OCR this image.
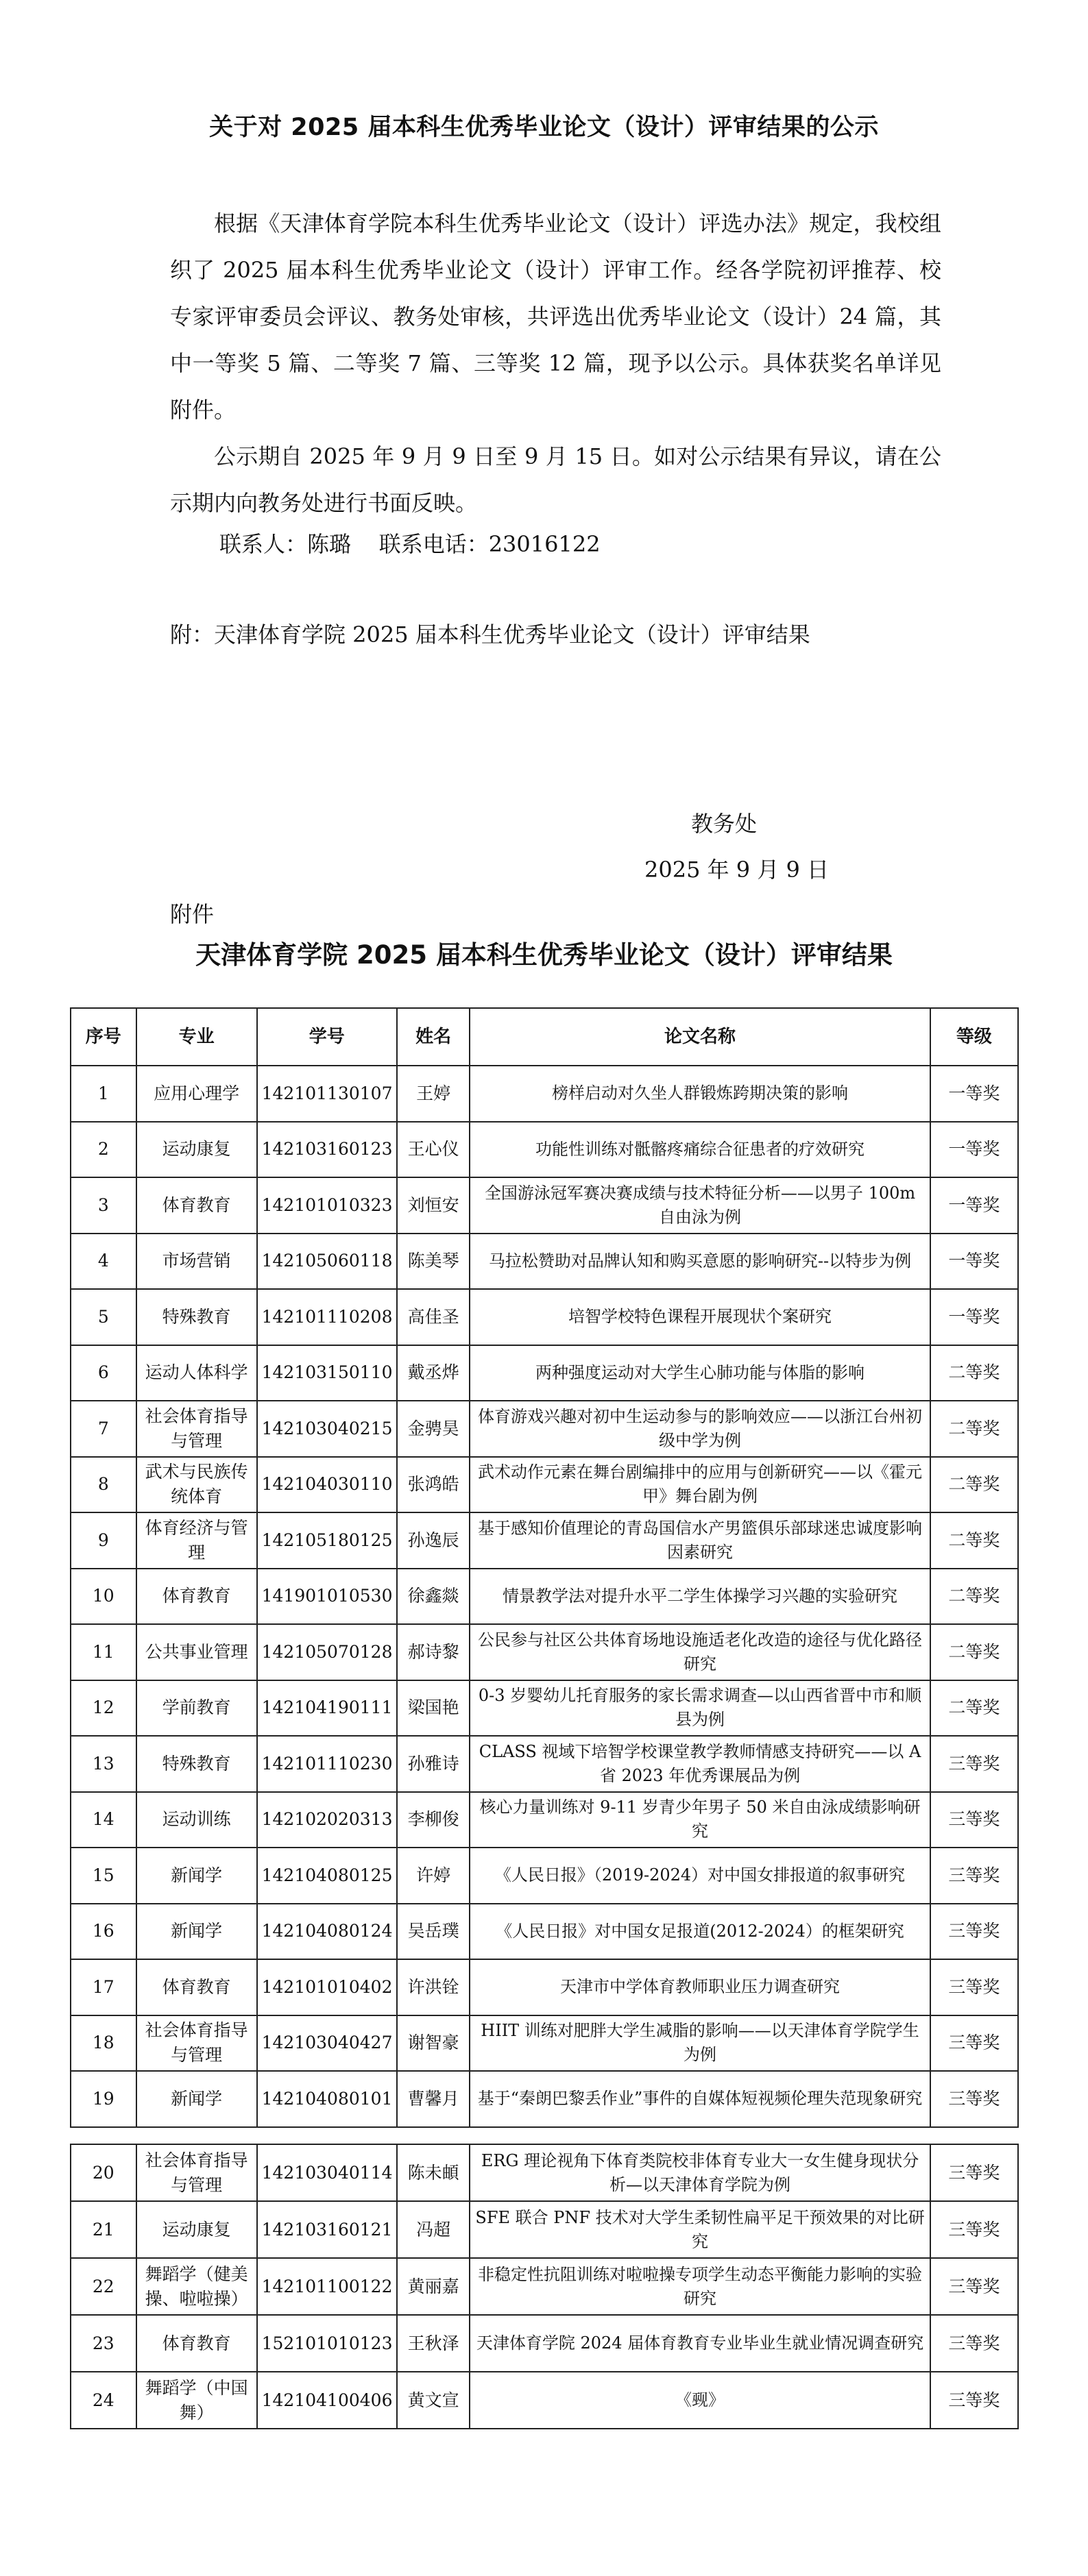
关于对 2025 届本科生优秀毕业论文（设计）评审结果的公示

根据《天津体育学院本科生优秀毕业论文（设计）评选办法》规定，我校组织了 2025 届本科生优秀毕业论文（设计）评审工作。经各学院初评推荐、校专家评审委员会评议、教务处审核，共评选出优秀毕业论文（设计）24 篇，其中一等奖 5 篇、二等奖 7 篇、三等奖 12 篇，现予以公示。具体获奖名单详见附件。

公示期自 2025 年 9 月 9 日至 9 月 15 日。如对公示结果有异议，请在公示期内向教务处进行书面反映。

联系人：陈璐    联系电话：23016122
附：天津体育学院 2025 届本科生优秀毕业论文（设计）评审结果
教务处
2025 年 9 月 9 日
附件
天津体育学院 2025 届本科生优秀毕业论文（设计）评审结果
序号	专业	学号	姓名	论文名称	等级
1	应用心理学	142101130107	王婷	榜样启动对久坐人群锻炼跨期决策的影响	一等奖
2	运动康复	142103160123	王心仪	功能性训练对骶髂疼痛综合征患者的疗效研究	一等奖
3	体育教育	142101010323	刘恒安	全国游泳冠军赛决赛成绩与技术特征分析——以男子 100m 自由泳为例	一等奖
4	市场营销	142105060118	陈美琴	马拉松赞助对品牌认知和购买意愿的影响研究--以特步为例	一等奖
5	特殊教育	142101110208	高佳圣	培智学校特色课程开展现状个案研究	一等奖
6	运动人体科学	142103150110	戴丞烨	两种强度运动对大学生心肺功能与体脂的影响	二等奖
7	社会体育指导与管理	142103040215	金骋昊	体育游戏兴趣对初中生运动参与的影响效应——以浙江台州初级中学为例	二等奖
8	武术与民族传统体育	142104030110	张鸿皓	武术动作元素在舞台剧编排中的应用与创新研究——以《霍元甲》舞台剧为例	二等奖
9	体育经济与管理	142105180125	孙逸辰	基于感知价值理论的青岛国信水产男篮俱乐部球迷忠诚度影响因素研究	二等奖
10	体育教育	141901010530	徐鑫燚	情景教学法对提升水平二学生体操学习兴趣的实验研究	二等奖
11	公共事业管理	142105070128	郝诗黎	公民参与社区公共体育场地设施适老化改造的途径与优化路径研究	二等奖
12	学前教育	142104190111	梁国艳	0-3 岁婴幼儿托育服务的家长需求调查—以山西省晋中市和顺县为例	二等奖
13	特殊教育	142101110230	孙雅诗	CLASS 视域下培智学校课堂教学教师情感支持研究——以 A 省 2023 年优秀课展品为例	三等奖
14	运动训练	142102020313	李柳俊	核心力量训练对 9-11 岁青少年男子 50 米自由泳成绩影响研究	三等奖
15	新闻学	142104080125	许婷	《人民日报》（2019-2024）对中国女排报道的叙事研究	三等奖
16	新闻学	142104080124	吴岳璞	《人民日报》对中国女足报道(2012-2024）的框架研究	三等奖
17	体育教育	142101010402	许洪铨	天津市中学体育教师职业压力调查研究	三等奖
18	社会体育指导与管理	142103040427	谢智豪	HIIT 训练对肥胖大学生减脂的影响——以天津体育学院学生为例	三等奖
19	新闻学	142104080101	曹馨月	基于“秦朗巴黎丢作业”事件的自媒体短视频伦理失范现象研究	三等奖
20	社会体育指导与管理	142103040114	陈未頔	ERG 理论视角下体育类院校非体育专业大一女生健身现状分析—以天津体育学院为例	三等奖
21	运动康复	142103160121	冯超	SFE 联合 PNF 技术对大学生柔韧性扁平足干预效果的对比研究	三等奖
22	舞蹈学（健美操、啦啦操）	142101100122	黄丽嘉	非稳定性抗阻训练对啦啦操专项学生动态平衡能力影响的实验研究	三等奖
23	体育教育	152101010123	王秋泽	天津体育学院 2024 届体育教育专业毕业生就业情况调查研究	三等奖
24	舞蹈学（中国舞）	142104100406	黄文宣	《觋》	三等奖
